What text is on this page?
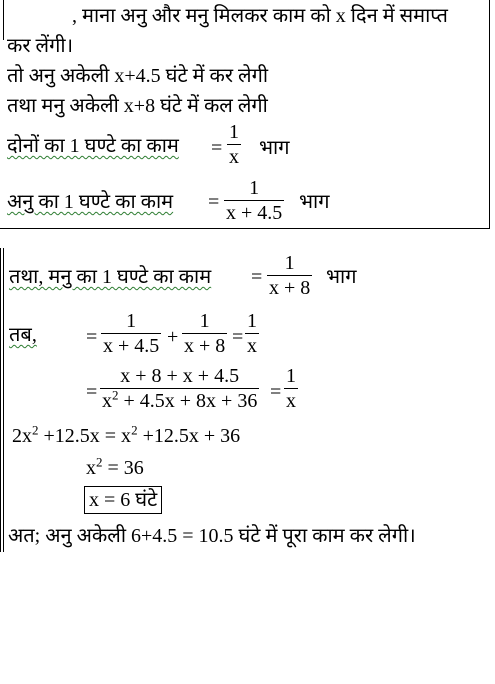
, माना अनु और मनु मिलकर काम को x दिन में समाप्त
कर लेंगी।
तो अनु अकेली x+4.5 घंटे में कर लेगी
तथा मनु अकेली x+8 घंटे में कल लेगी
दोनों का 1 घण्टे का काम =
1
x भाग
अनु का 1 घण्टे का काम =
1
x + 4.5 भाग
तथा, मनु का 1 घण्टे का काम =
1
x + 8 भाग
तब, =
1
x + 4.5 +
1
x + 8 =
1
x
=
x + 8 + x + 4.5
$x^2 + 4.5x + 8x + 36$ =
1
x
$2x^2 +12.5x = x^2 +12.5x + 36$
$x^2 = 36$
x = 6 घंटे
अत; अनु अकेली 6+4.5 = 10.5 घंटे में पूरा काम कर लेगी।
